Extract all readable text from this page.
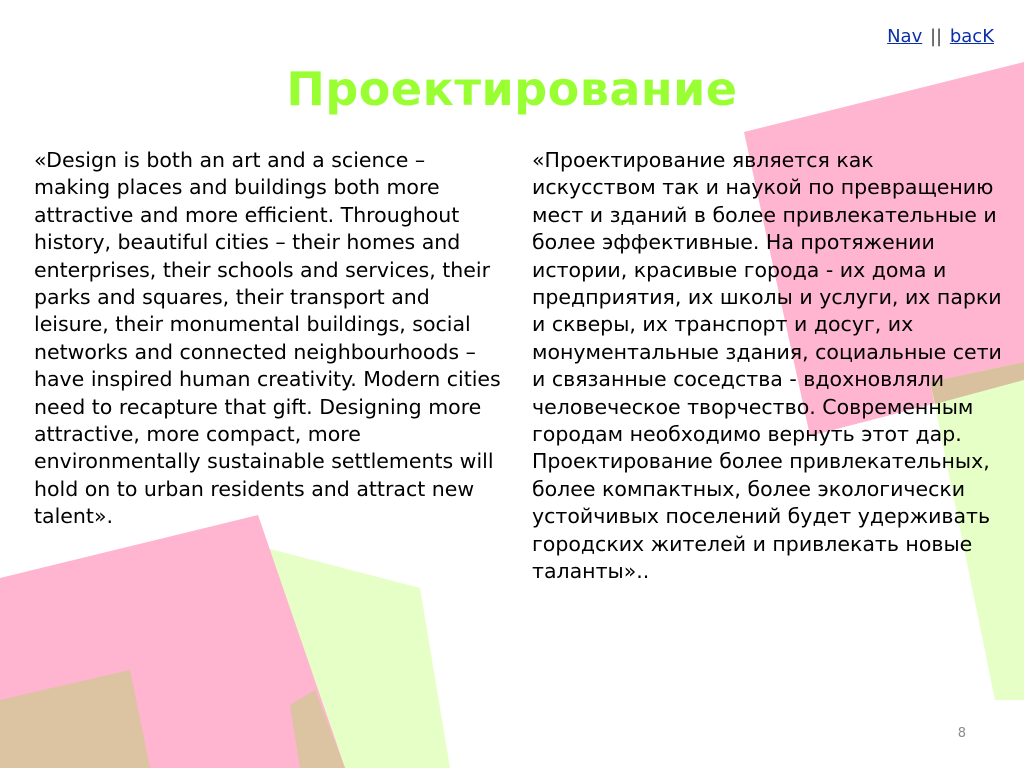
Nav || bacK
Проектирование

«Design is both an art and a science – making places and buildings both more attractive and more efficient. Throughout history, beautiful cities – their homes and enterprises, their schools and services, their parks and squares, their transport and leisure, their monumental buildings, social networks and connected neighbourhoods – have inspired human creativity. Modern cities need to recapture that gift. Designing more attractive, more compact, more environmentally sustainable settlements will hold on to urban residents and attract new talent».

«Проектирование является как искусством так и наукой по превращению мест и зданий в более привлекательные и более эффективные. На протяжении истории, красивые города - их дома и предприятия, их школы и услуги, их парки и скверы, их транспорт и досуг, их монументальные здания, социальные сети и связанные соседства - вдохновляли человеческое творчество. Современным городам необходимо вернуть этот дар. Проектирование более привлекательных, более компактных, более экологически устойчивых поселений будет удерживать городских жителей и привлекать новые таланты»..

8
